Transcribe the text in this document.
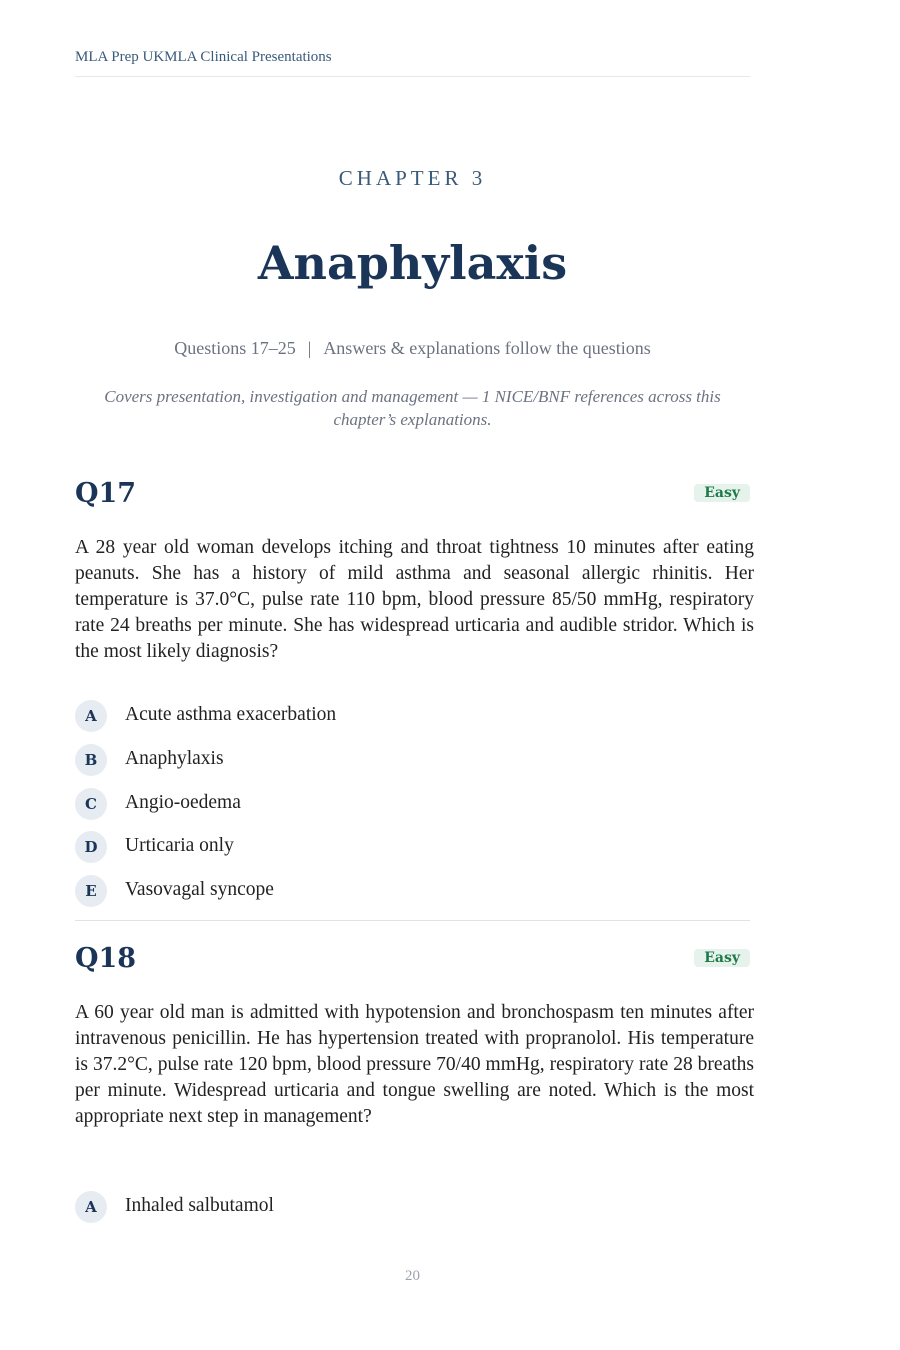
MLA Prep UKMLA Clinical Presentations
CHAPTER 3
Anaphylaxis
Questions 17–25 | Answers & explanations follow the questions
Covers presentation, investigation and management — 1 NICE/BNF references across this chapter’s explanations.
Q17	Easy
A 28 year old woman develops itching and throat tightness 10 minutes after eating peanuts. She has a history of mild asthma and seasonal allergic rhinitis. Her temperature is 37.0°C, pulse rate 110 bpm, blood pressure 85/50 mmHg, respiratory rate 24 breaths per minute. She has widespread urticaria and audible stridor. Which is the most likely diagnosis?
A	Acute asthma exacerbation
B	Anaphylaxis
C	Angio-oedema
D	Urticaria only
E	Vasovagal syncope
Q18	Easy
A 60 year old man is admitted with hypotension and bronchospasm ten minutes after intravenous penicillin. He has hypertension treated with propranolol. His temperature is 37.2°C, pulse rate 120 bpm, blood pressure 70/40 mmHg, respiratory rate 28 breaths per minute. Widespread urticaria and tongue swelling are noted. Which is the most appropriate next step in management?
A	Inhaled salbutamol
20
